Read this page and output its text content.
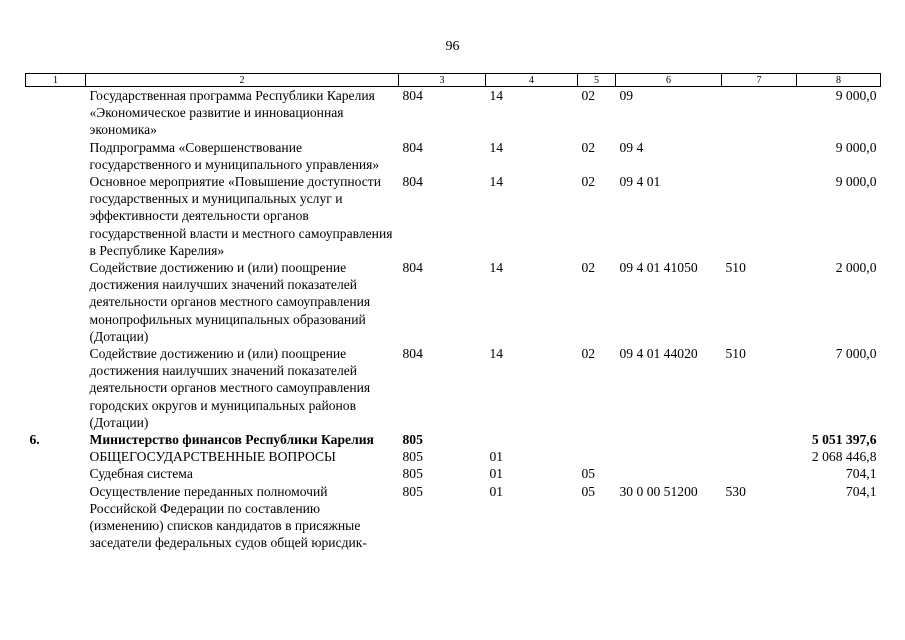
96
1	2	3	4	5	6	7	8
	Государственная программа Республики Карелия «Экономическое развитие и инновационная экономика»	804	14	02	09		9 000,0
	Подпрограмма «Совершенствование государственного и муниципального управления»	804	14	02	09 4		9 000,0
	Основное мероприятие «Повышение доступности государственных и муниципальных услуг и эффективности деятельности органов государственной власти и местного самоуправления в Республике Карелия»	804	14	02	09 4 01		9 000,0
	Содействие достижению и (или) поощрение достижения наилучших значений показателей деятельности органов местного самоуправления монопрофильных муниципальных образований (Дотации)	804	14	02	09 4 01 41050	510	2 000,0
	Содействие достижению и (или) поощрение достижения наилучших значений показателей деятельности органов местного самоуправления городских округов и муниципальных районов (Дотации)	804	14	02	09 4 01 44020	510	7 000,0
6.	Министерство финансов Республики Карелия	805					5 051 397,6
	ОБЩЕГОСУДАРСТВЕННЫЕ ВОПРОСЫ	805	01				2 068 446,8
	Судебная система	805	01	05			704,1
	Осуществление переданных полномочий Российской Федерации по составлению (изменению) списков кандидатов в присяжные заседатели федеральных судов общей юрисдик-	805	01	05	30 0 00 51200	530	704,1
